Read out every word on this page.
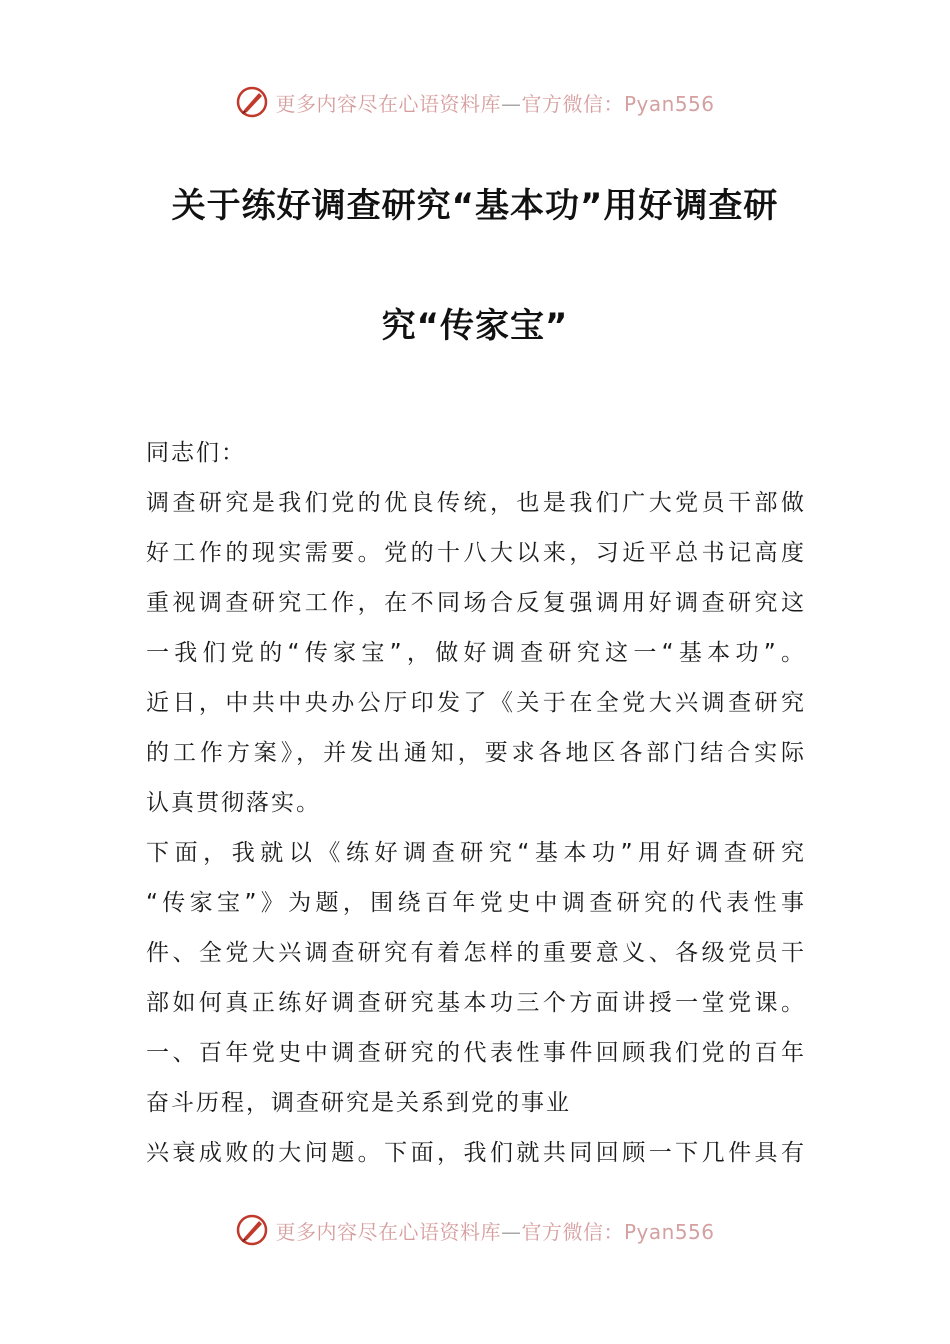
更多内容尽在心语资料库—官方微信：Pyan556
关于练好调查研究“基本功”用好调查研
究“传家宝”
同志们：
调查研究是我们党的优良传统，也是我们广大党员干部做
好工作的现实需要。党的十八大以来，习近平总书记高度
重视调查研究工作，在不同场合反复强调用好调查研究这
一我们党的“传家宝”，做好调查研究这一“基本功”。
近日，中共中央办公厅印发了《关于在全党大兴调查研究
的工作方案》，并发出通知，要求各地区各部门结合实际
认真贯彻落实。
下面，我就以《练好调查研究“基本功”用好调查研究
“传家宝”》为题，围绕百年党史中调查研究的代表性事
件、全党大兴调查研究有着怎样的重要意义、各级党员干
部如何真正练好调查研究基本功三个方面讲授一堂党课。
一、百年党史中调查研究的代表性事件回顾我们党的百年
奋斗历程，调查研究是关系到党的事业
兴衰成败的大问题。下面，我们就共同回顾一下几件具有
更多内容尽在心语资料库—官方微信：Pyan556
